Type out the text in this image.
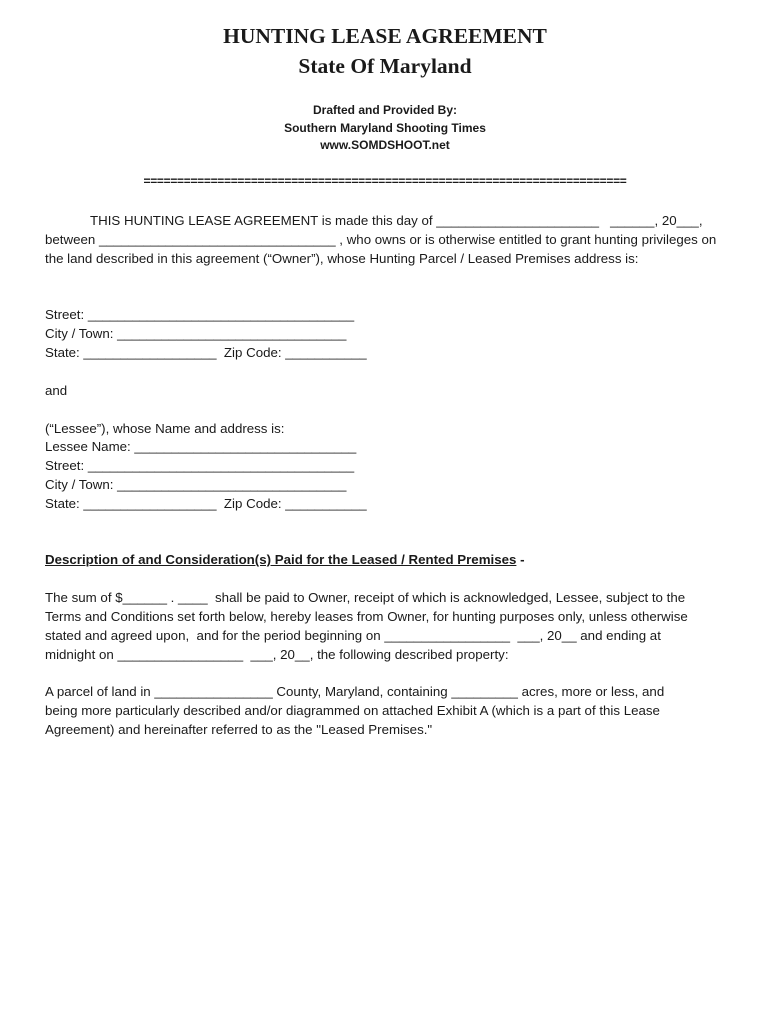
HUNTING LEASE AGREEMENT
State Of Maryland
Drafted and Provided By:
Southern Maryland Shooting Times
www.SOMDSHOOT.net
========================================================================
THIS HUNTING LEASE AGREEMENT is made this day of ______________________   ______, 20___, between ________________________________ , who owns or is otherwise entitled to grant hunting privileges on the land described in this agreement (“Owner”), whose Hunting Parcel / Leased Premises address is:
Street: ____________________________________
City / Town: _______________________________
State: __________________  Zip Code: ___________
and
(“Lessee”), whose Name and address is:
Lessee Name: ______________________________
Street: ____________________________________
City / Town: _______________________________
State: __________________  Zip Code: ___________
Description of and Consideration(s) Paid for the Leased / Rented Premises -
The sum of $______ . ____  shall be paid to Owner, receipt of which is acknowledged, Lessee, subject to the
Terms and Conditions set forth below, hereby leases from Owner, for hunting purposes only, unless otherwise
stated and agreed upon,  and for the period beginning on _________________  ___, 20__ and ending at
midnight on _________________  ___, 20__, the following described property:
A parcel of land in ________________ County, Maryland, containing _________ acres, more or less, and
being more particularly described and/or diagrammed on attached Exhibit A (which is a part of this Lease
Agreement) and hereinafter referred to as the "Leased Premises."
